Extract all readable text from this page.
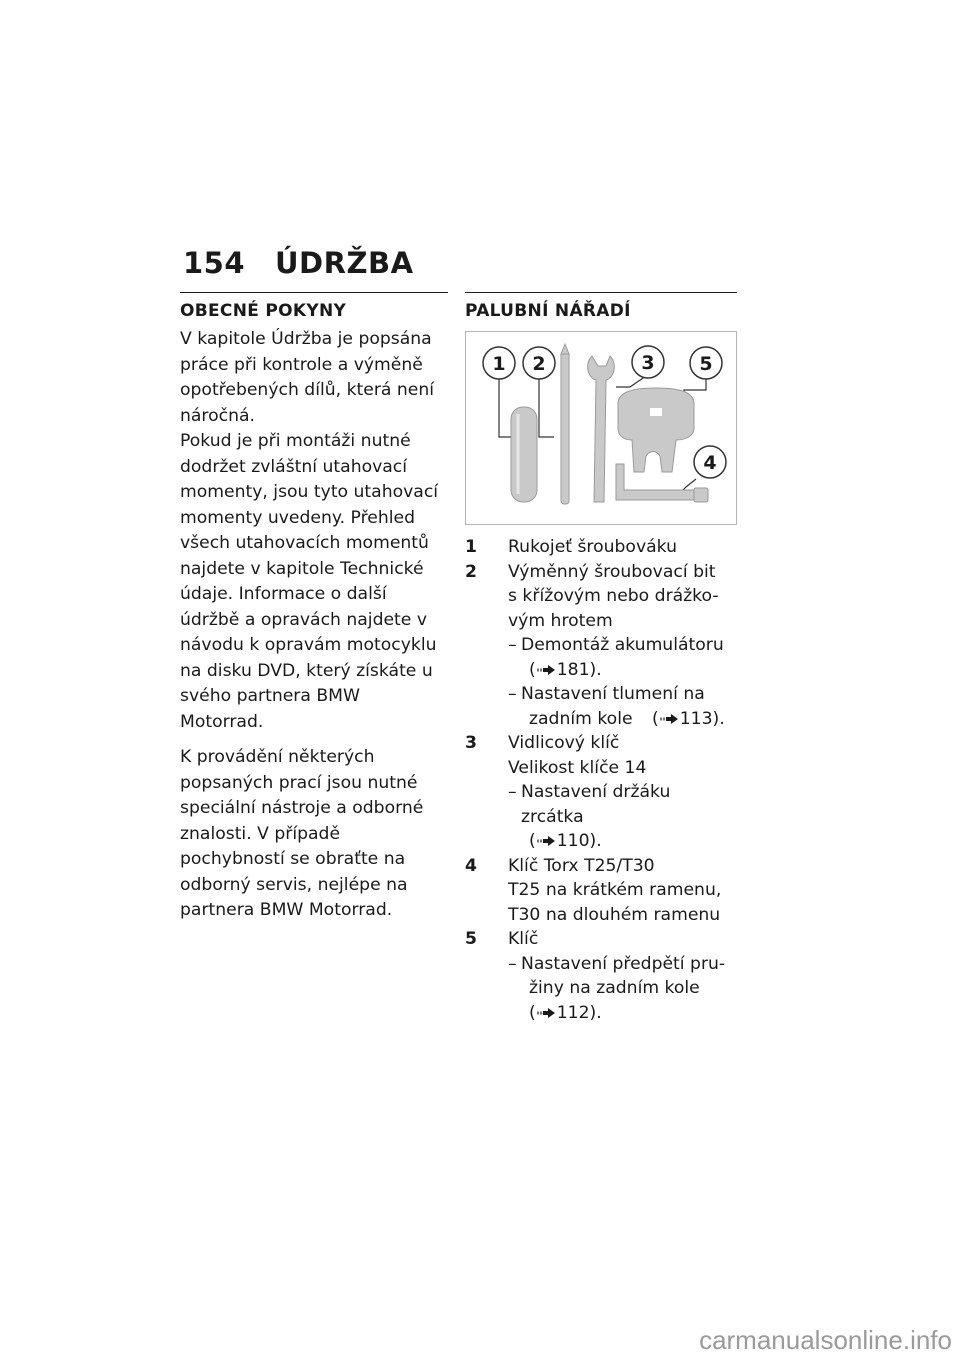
154 ÚDRŽBA
OBECNÉ POKYNY

V kapitole Údržba je popsána práce při kontrole a výměně opotřebených dílů, která není náročná.

Pokud je při montáži nutné dodržet zvláštní utahovací momenty, jsou tyto utahovací momenty uvedeny. Přehled všech utahovacích momentů najdete v kapitole Technické údaje. Informace o další údržbě a opravách najdete v návodu k opravám motocyklu na disku DVD, který získáte u svého partnera BMW Motorrad.

K provádění některých popsaných prací jsou nutné speciální nástroje a odborné znalosti. V případě pochybností se obraťte na odborný servis, nejlépe na partnera BMW Motorrad.

PALUBNÍ NÁŘADÍ
1 2	3 5
4
1	Rukojeť šroubováku
2	Výměnný šroubovací bit
s křížovým nebo drážko-
vým hrotem
– Demontáž akumulátoru
( 181).
– Nastavení tlumení na
zadním kole ( 113).
3	Vidlicový klíč
Velikost klíče 14
– Nastavení držáku zrcátka
( 110).
4	Klíč Torx T25/T30
T25 na krátkém ramenu,
T30 na dlouhém ramenu
5	Klíč
– Nastavení předpětí pru-
žiny na zadním kole
( 112).
carmanualsonline.info
